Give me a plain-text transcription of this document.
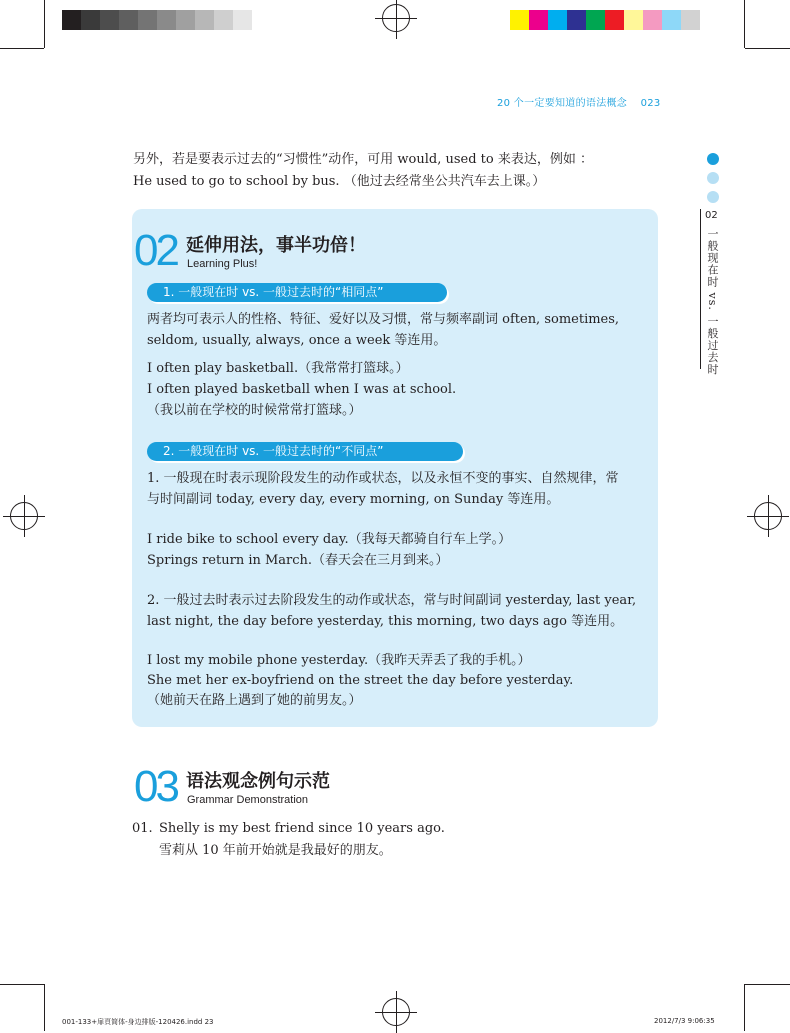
20 个一定要知道的语法概念 023
另外，若是要表示过去的“习惯性”动作，可用 would, used to 来表达，例如 ：
He used to go to school by bus. （他过去经常坐公共汽车去上课。）
02 延伸用法，事半功倍！
Learning Plus!
1. 一般现在时 vs. 一般过去时的“相同点”
两者均可表示人的性格、特征、爱好以及习惯，常与频率副词 often, sometimes,
seldom, usually, always, once a week 等连用。
I often play basketball.（我常常打篮球。）
I often played basketball when I was at school.
（我以前在学校的时候常常打篮球。）
2. 一般现在时 vs. 一般过去时的“不同点”
1. 一般现在时表示现阶段发生的动作或状态，以及永恒不变的事实、自然规律，常
与时间副词 today, every day, every morning, on Sunday 等连用。
I ride bike to school every day.（我每天都骑自行车上学。）
Springs return in March.（春天会在三月到来。）
2. 一般过去时表示过去阶段发生的动作或状态，常与时间副词 yesterday, last year,
last night, the day before yesterday, this morning, two days ago 等连用。
I lost my mobile phone yesterday.（我昨天弄丢了我的手机。）
She met her ex-boyfriend on the street the day before yesterday.
（她前天在路上遇到了她的前男友。）
03 语法观念例句示范
Grammar Demonstration
01. Shelly is my best friend since 10 years ago.
雪莉从 10 年前开始就是我最好的朋友。
02
一般现在时 vs. 一般过去时
001-133+扉頁简体-身边排版-120426.indd 23	2012/7/3 9:06:35
